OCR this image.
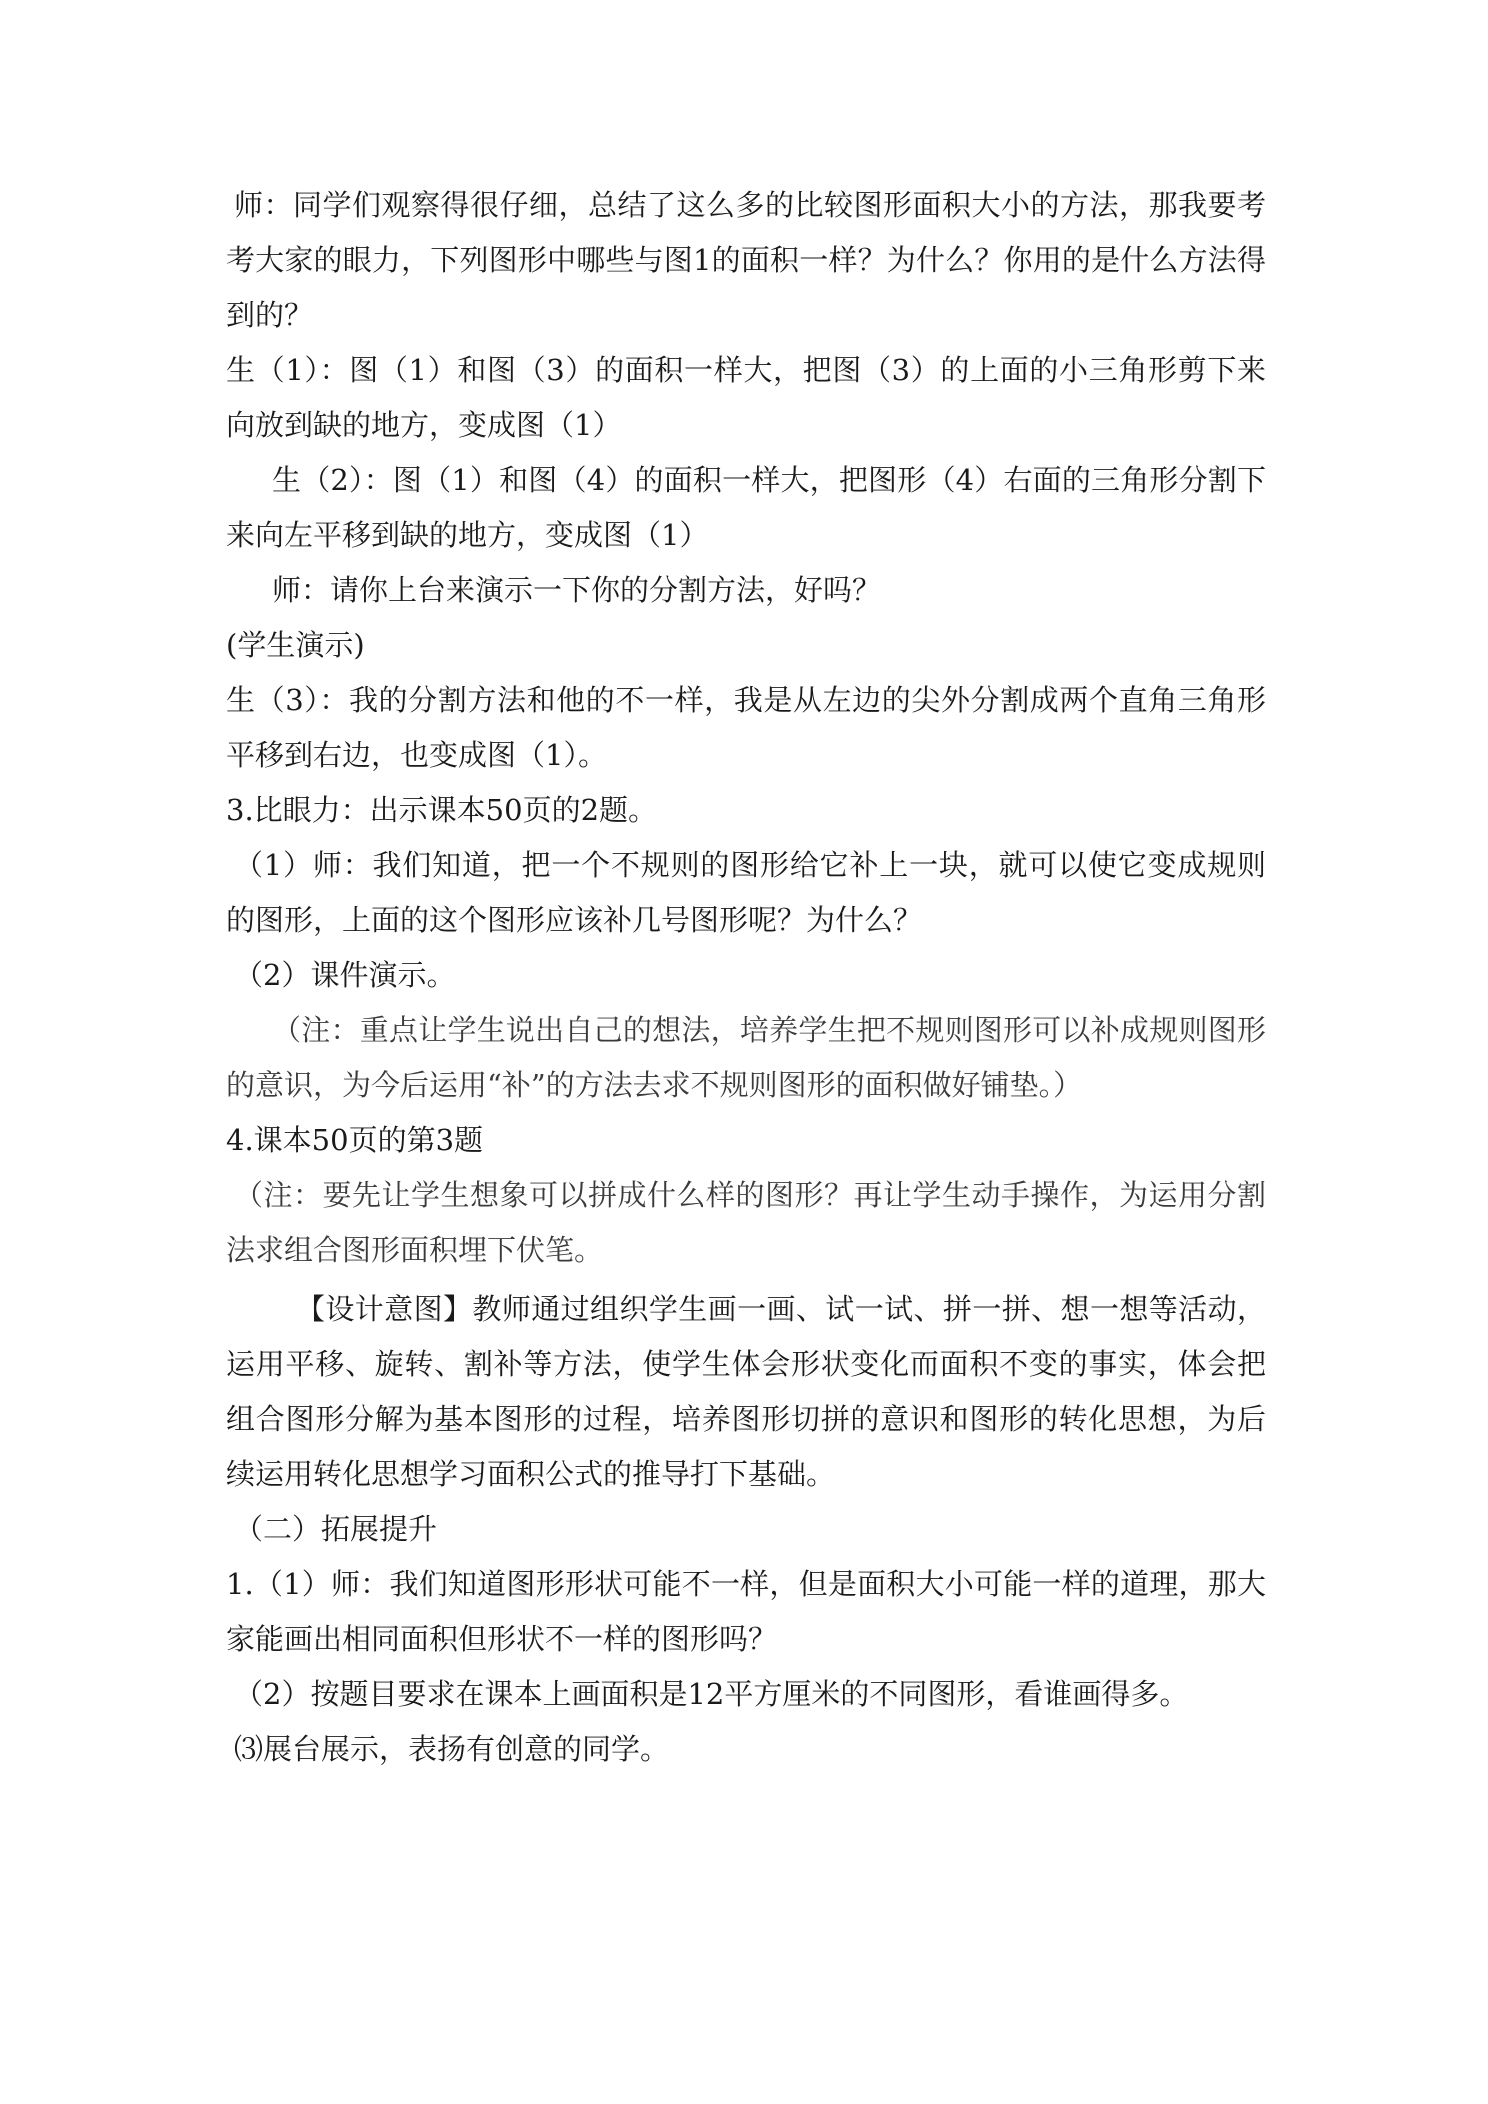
师：同学们观察得很仔细，总结了这么多的比较图形面积大小的方法，那我要考考大家的眼力，下列图形中哪些与图1的面积一样？为什么？你用的是什么方法得到的？

生（1）：图（1）和图（3）的面积一样大，把图（3）的上面的小三角形剪下来向放到缺的地方，变成图（1）

生（2）：图（1）和图（4）的面积一样大，把图形（4）右面的三角形分割下来向左平移到缺的地方，变成图（1）

师：请你上台来演示一下你的分割方法，好吗？

(学生演示)

生（3）：我的分割方法和他的不一样，我是从左边的尖外分割成两个直角三角形平移到右边，也变成图（1）。

3.比眼力：出示课本50页的2题。

（1）师：我们知道，把一个不规则的图形给它补上一块，就可以使它变成规则的图形，上面的这个图形应该补几号图形呢？为什么？

（2）课件演示。

（注：重点让学生说出自己的想法，培养学生把不规则图形可以补成规则图形的意识，为今后运用“补”的方法去求不规则图形的面积做好铺垫。）

4.课本50页的第3题

（注：要先让学生想象可以拼成什么样的图形？再让学生动手操作，为运用分割法求组合图形面积埋下伏笔。

【设计意图】教师通过组织学生画一画、试一试、拼一拼、想一想等活动，运用平移、旋转、割补等方法，使学生体会形状变化而面积不变的事实，体会把组合图形分解为基本图形的过程，培养图形切拼的意识和图形的转化思想，为后续运用转化思想学习面积公式的推导打下基础。

（二）拓展提升

1.（1）师：我们知道图形形状可能不一样，但是面积大小可能一样的道理，那大家能画出相同面积但形状不一样的图形吗？

（2）按题目要求在课本上画面积是12平方厘米的不同图形，看谁画得多。

⑶展台展示，表扬有创意的同学。
